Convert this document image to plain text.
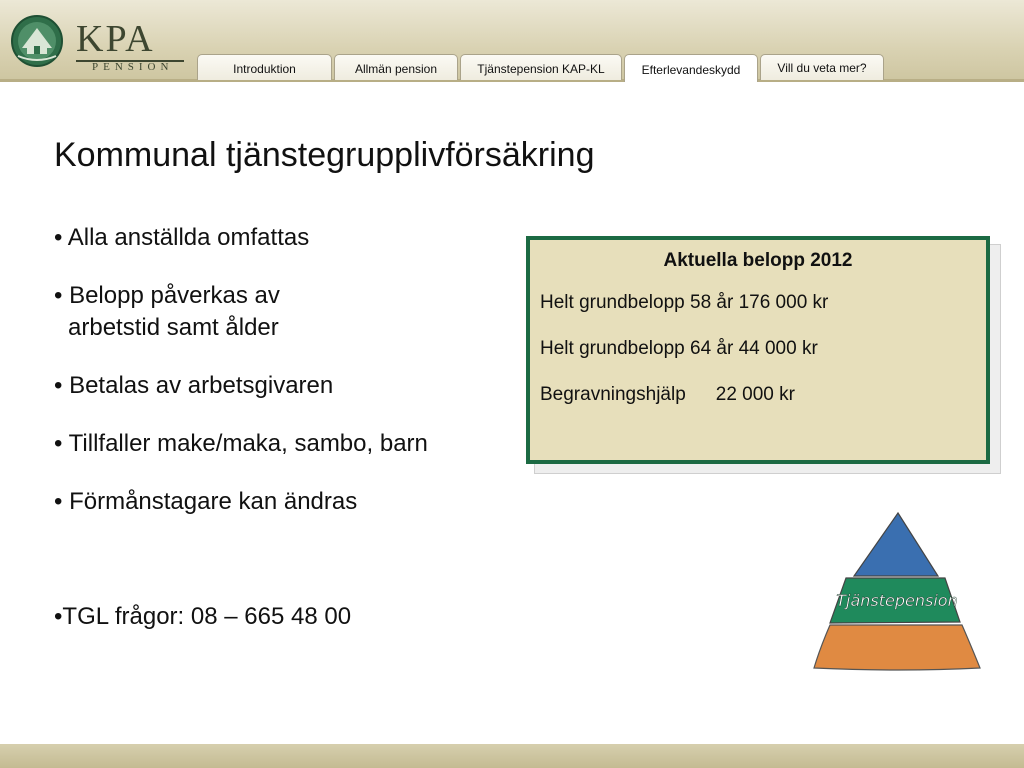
KPA
PENSION	Introduktion	Allmän pension	Tjänstepension KAP-KL	Efterlevandeskydd	Vill du veta mer?
Kommunal tjänstegrupplivförsäkring
• Alla anställda omfattas
• Belopp påverkas av
arbetstid samt ålder
• Betalas av arbetsgivaren
• Tillfaller make/maka, sambo, barn
• Förmånstagare kan ändras
•TGL frågor: 08 – 665 48 00
Aktuella belopp 2012
Helt grundbelopp 58 år 176 000 kr
Helt grundbelopp 64 år 44 000 kr
Begravningshjälp 22 000 kr
Tjänstepension
